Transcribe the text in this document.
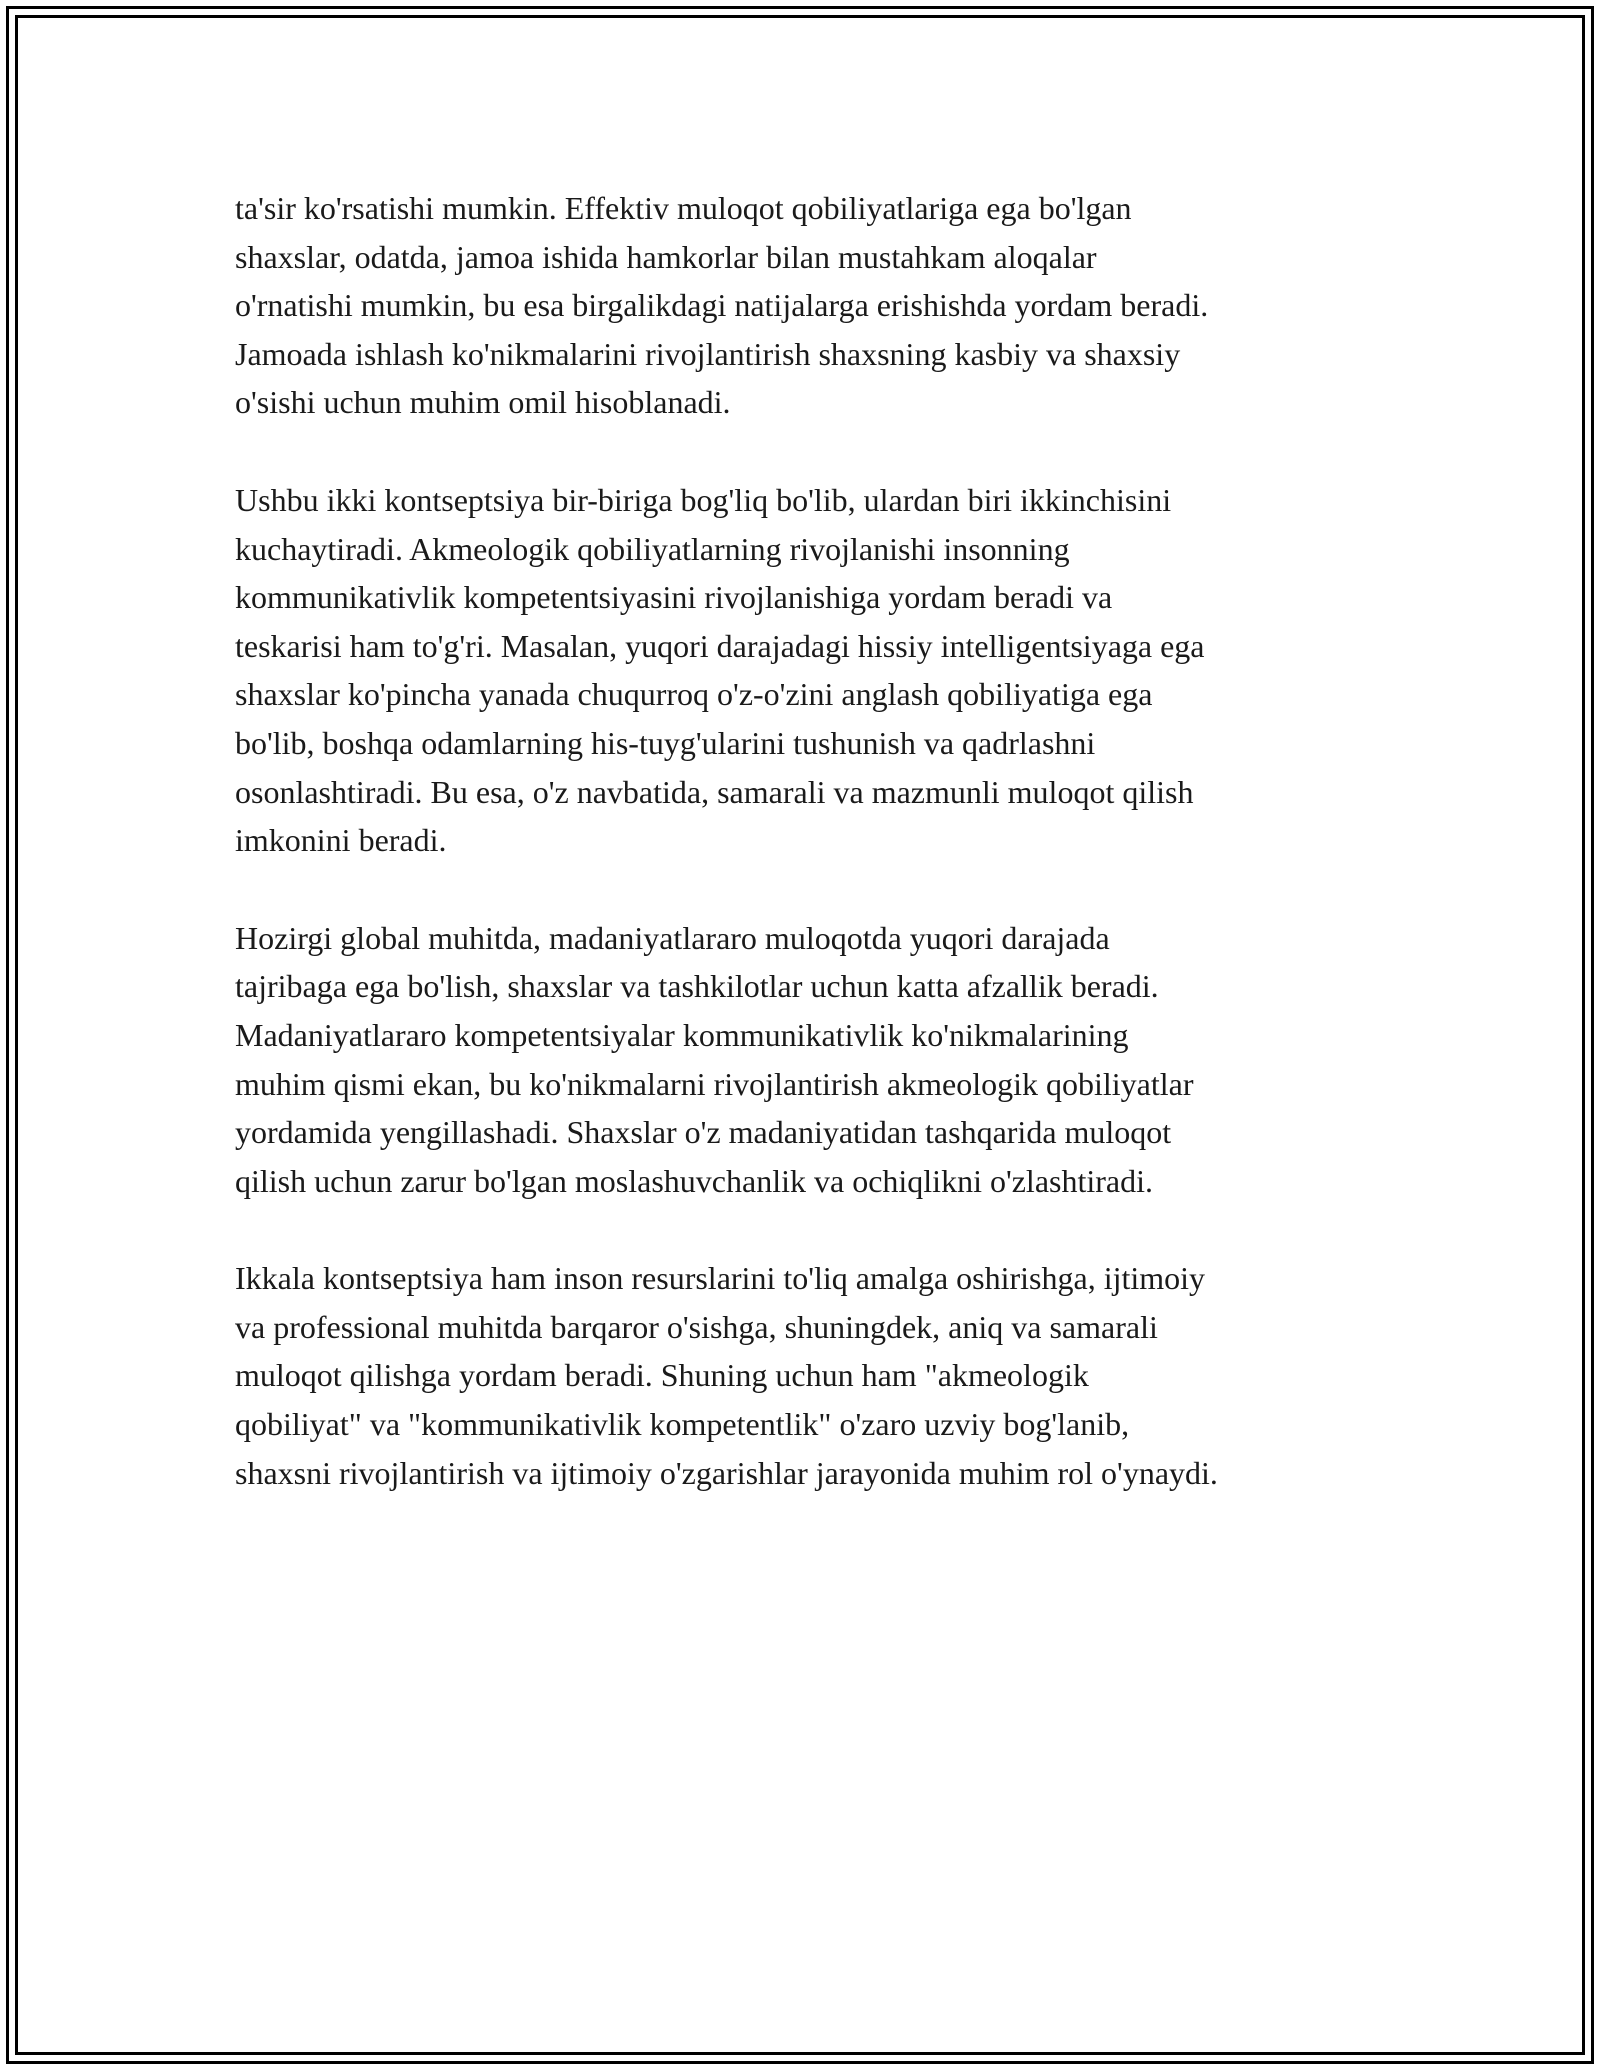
ta'sir ko'rsatishi mumkin. Effektiv muloqot qobiliyatlariga ega bo'lgan
shaxslar, odatda, jamoa ishida hamkorlar bilan mustahkam aloqalar
o'rnatishi mumkin, bu esa birgalikdagi natijalarga erishishda yordam beradi.
Jamoada ishlash ko'nikmalarini rivojlantirish shaxsning kasbiy va shaxsiy
o'sishi uchun muhim omil hisoblanadi.

Ushbu ikki kontseptsiya bir-biriga bog'liq bo'lib, ulardan biri ikkinchisini
kuchaytiradi. Akmeologik qobiliyatlarning rivojlanishi insonning
kommunikativlik kompetentsiyasini rivojlanishiga yordam beradi va
teskarisi ham to'g'ri. Masalan, yuqori darajadagi hissiy intelligentsiyaga ega
shaxslar ko'pincha yanada chuqurroq o'z-o'zini anglash qobiliyatiga ega
bo'lib, boshqa odamlarning his-tuyg'ularini tushunish va qadrlashni
osonlashtiradi. Bu esa, o'z navbatida, samarali va mazmunli muloqot qilish
imkonini beradi.

Hozirgi global muhitda, madaniyatlararo muloqotda yuqori darajada
tajribaga ega bo'lish, shaxslar va tashkilotlar uchun katta afzallik beradi.
Madaniyatlararo kompetentsiyalar kommunikativlik ko'nikmalarining
muhim qismi ekan, bu ko'nikmalarni rivojlantirish akmeologik qobiliyatlar
yordamida yengillashadi. Shaxslar o'z madaniyatidan tashqarida muloqot
qilish uchun zarur bo'lgan moslashuvchanlik va ochiqlikni o'zlashtiradi.

Ikkala kontseptsiya ham inson resurslarini to'liq amalga oshirishga, ijtimoiy
va professional muhitda barqaror o'sishga, shuningdek, aniq va samarali
muloqot qilishga yordam beradi. Shuning uchun ham "akmeologik
qobiliyat" va "kommunikativlik kompetentlik" o'zaro uzviy bog'lanib,
shaxsni rivojlantirish va ijtimoiy o'zgarishlar jarayonida muhim rol o'ynaydi.
